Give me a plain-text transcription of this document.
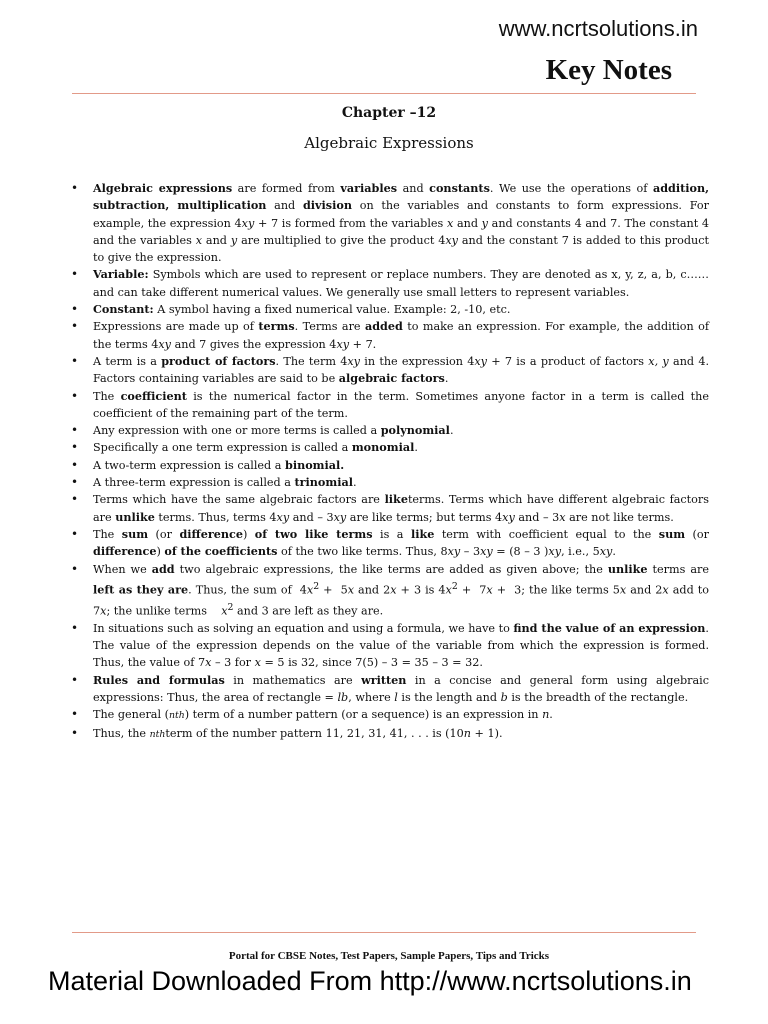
www.ncrtsolutions.in
Key Notes
Chapter –12
Algebraic Expressions
• Algebraic expressions are formed from variables and constants. We use the operations of addition, subtraction, multiplication and division on the variables and constants to form expressions. For example, the expression 4xy + 7 is formed from the variables x and y and constants 4 and 7. The constant 4 and the variables x and y are multiplied to give the product 4xy and the constant 7 is added to this product to give the expression.
• Variable: Symbols which are used to represent or replace numbers. They are denoted as x, y, z, a, b, c…… and can take different numerical values. We generally use small letters to represent variables.
• Constant: A symbol having a fixed numerical value. Example: 2, -10, etc.
• Expressions are made up of terms. Terms are added to make an expression. For example, the addition of the terms 4xy and 7 gives the expression 4xy + 7.
• A term is a product of factors. The term 4xy in the expression 4xy + 7 is a product of factors x, y and 4. Factors containing variables are said to be algebraic factors.
• The coefficient is the numerical factor in the term. Sometimes anyone factor in a term is called the coefficient of the remaining part of the term.
• Any expression with one or more terms is called a polynomial.
• Specifically a one term expression is called a monomial.
• A two-term expression is called a binomial.
• A three-term expression is called a trinomial.
• Terms which have the same algebraic factors are liketerms. Terms which have different algebraic factors are unlike terms. Thus, terms 4xy and – 3xy are like terms; but terms 4xy and – 3x are not like terms.
• The sum (or difference) of two like terms is a like term with coefficient equal to the sum (or difference) of the coefficients of the two like terms. Thus, 8xy – 3xy = (8 – 3 )xy, i.e., 5xy.
• When we add two algebraic expressions, the like terms are added as given above; the unlike terms are left as they are. Thus, the sum of  $4x^2 + 5x$ and 2x + 3 is $4x^2 + 7x + 3$; the like terms 5x and 2x add to 7x; the unlike terms    $x^2$ and 3 are left as they are.
• In situations such as solving an equation and using a formula, we have to find the value of an expression. The value of the expression depends on the value of the variable from which the expression is formed. Thus, the value of 7x – 3 for x = 5 is 32, since 7(5) – 3 = 35 – 3 = 32.
• Rules and formulas in mathematics are written in a concise and general form using algebraic expressions: Thus, the area of rectangle = lb, where l is the length and b is the breadth of the rectangle.
• The general (nth) term of a number pattern (or a sequence) is an expression in n.
• Thus, the nthterm of the number pattern 11, 21, 31, 41, . . . is (10n + 1).
Portal for CBSE Notes, Test Papers, Sample Papers, Tips and Tricks
Material Downloaded From http://www.ncrtsolutions.in
